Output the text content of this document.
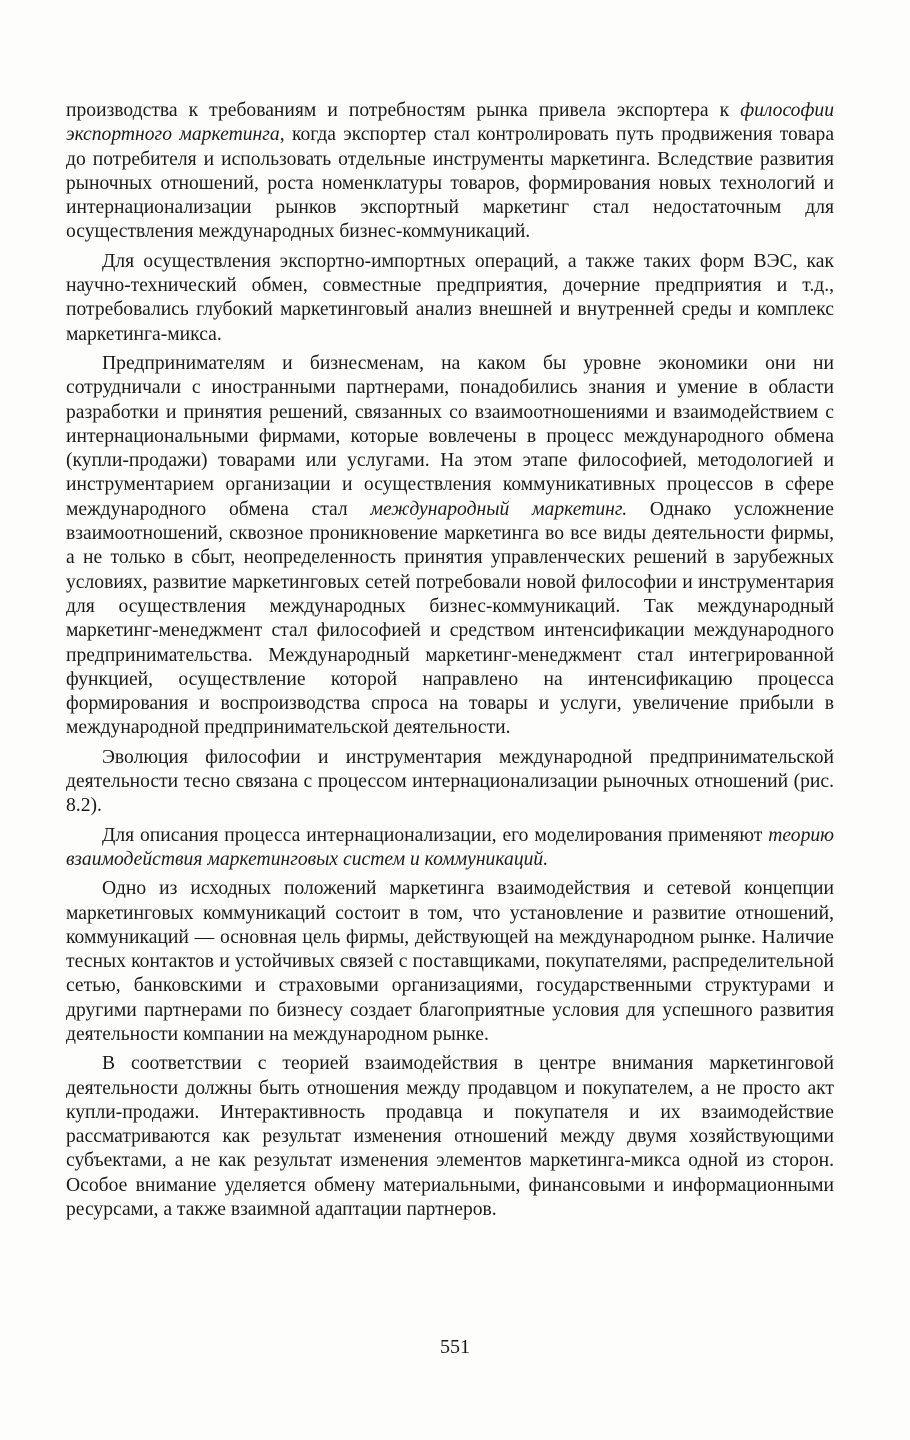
производства к требованиям и потребностям рынка привела экспортера к философии экспортного маркетинга, когда экспортер стал контролировать путь продвижения товара до потребителя и использовать отдельные инструменты маркетинга. Вследствие развития рыночных отношений, роста номенклатуры товаров, формирования новых технологий и интернационализации рынков экспортный маркетинг стал недостаточным для осуществления международных бизнес-коммуникаций.

Для осуществления экспортно-импортных операций, а также таких форм ВЭС, как научно-технический обмен, совместные предприятия, дочерние предприятия и т.д., потребовались глубокий маркетинговый анализ внешней и внутренней среды и комплекс маркетинга-микса.

Предпринимателям и бизнесменам, на каком бы уровне экономики они ни сотрудничали с иностранными партнерами, понадобились знания и умение в области разработки и принятия решений, связанных со взаимоотношениями и взаимодействием с интернациональными фирмами, которые вовлечены в процесс международного обмена (купли-продажи) товарами или услугами. На этом этапе философией, методологией и инструментарием организации и осуществления коммуникативных процессов в сфере международного обмена стал международный маркетинг. Однако усложнение взаимоотношений, сквозное проникновение маркетинга во все виды деятельности фирмы, а не только в сбыт, неопределенность принятия управленческих решений в зарубежных условиях, развитие маркетинговых сетей потребовали новой философии и инструментария для осуществления международных бизнес-коммуникаций. Так международный маркетинг-менеджмент стал философией и средством интенсификации международного предпринимательства. Международный маркетинг-менеджмент стал интегрированной функцией, осуществление которой направлено на интенсификацию процесса формирования и воспроизводства спроса на товары и услуги, увеличение прибыли в международной предпринимательской деятельности.

Эволюция философии и инструментария международной предпринимательской деятельности тесно связана с процессом интернационализации рыночных отношений (рис. 8.2).

Для описания процесса интернационализации, его моделирования применяют теорию взаимодействия маркетинговых систем и коммуникаций.

Одно из исходных положений маркетинга взаимодействия и сетевой концепции маркетинговых коммуникаций состоит в том, что установление и развитие отношений, коммуникаций — основная цель фирмы, действующей на международном рынке. Наличие тесных контактов и устойчивых связей с поставщиками, покупателями, распределительной сетью, банковскими и страховыми организациями, государственными структурами и другими партнерами по бизнесу создает благоприятные условия для успешного развития деятельности компании на международном рынке.

В соответствии с теорией взаимодействия в центре внимания маркетинговой деятельности должны быть отношения между продавцом и покупателем, а не просто акт купли-продажи. Интерактивность продавца и покупателя и их взаимодействие рассматриваются как результат изменения отношений между двумя хозяйствующими субъектами, а не как результат изменения элементов маркетинга-микса одной из сторон. Особое внимание уделяется обмену материальными, финансовыми и информационными ресурсами, а также взаимной адаптации партнеров.

551
